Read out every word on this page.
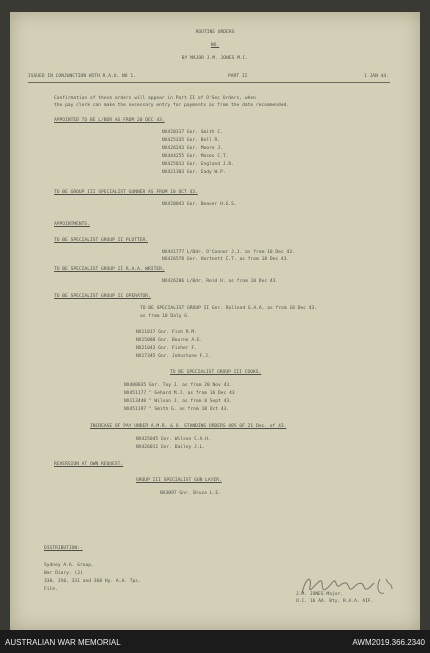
ROUTINE ORDERS
NO.
BY MAJOR J.M. JONES M.C.
ISSUED IN CONJUNCTION WITH R.A.O. NO 1.	PART II	1 JAN 44.
Confirmation of these orders will appear in Part II of O'Sec Orders, when
the pay clerk can make the necessary entry for payments as from the date recommended.
APPOINTED TO BE L/BDR AS FROM 20 DEC 43.
NX420317 Gnr. Smith C.
NX425335 Gnr. Bell R.
NX426243 Gnr. Moore J.
NX444255 Gnr. Moses C.T.
NX425013 Gnr. England J.B.
NX421303 Gnr. Eady W.P.
TO BE GROUP III SPECIALIST GUNNER AS FROM 10 OCT 43.
NX420043 Gnr. Beaver H.G.S.
APPOINTMENTS.
TO BE SPECIALIST GROUP II PLOTTER.
NX441777 L/Bdr. O'Connor J.J. as from 18 Dec 43.
NX426578 Gnr. Hartnett C.T. as from 18 Dec 43.
TO BE SPECIALIST GROUP II R.A.A. WRITER.
NX426286 L/Bdr. Reid H. as from 18 Dec 43.
TO BE SPECIALIST GROUP II OPERATOR.
TO BE SPECIALIST GROUP II Gnr. Rollond G.A.A. as from 18 Dec 43.
as from 18 Daly G.
NX11017 Gnr. Fish R.M.
NX15088 Gnr. Bourne A.E.
NX21043 Gnr. Fisher F.
NX17345 Gnr. Johnstone F.J.
TO BE SPECIALIST GROUP III COOKS.
NX400035 Gnr. Toy J. as from 20 Nov 43.
NX451177 " Gehard M.J. as from 16 Dec 43
NX113440 " Wilson J. as from 8 Sept 43.
NX451197 " Smith G. as from 18 Oct 43.
INCREASE OF PAY UNDER A.M.R. & O. STANDING ORDERS 405 OF 21 Dec. of 43.
NX425045 Gnr. Wilson C.A.H.
NX426011 Gnr. Dailey J.L.
REVERSION AT OWN REQUEST.
GROUP III SPECIALIST GUN LAYER.
NX3097 Gnr. Bruce L.E.
DISTRIBUTION:-
Sydney A.A. Group.
War Diary. (2)
330, 350, 331 and 360 Hy. A.A. Tps.
File.
J.M. JONES Major.
O.C. 16 AA. Bty. R.A.A. AIF.
AUSTRALIAN WAR MEMORIAL	AWM2019.366.2340
